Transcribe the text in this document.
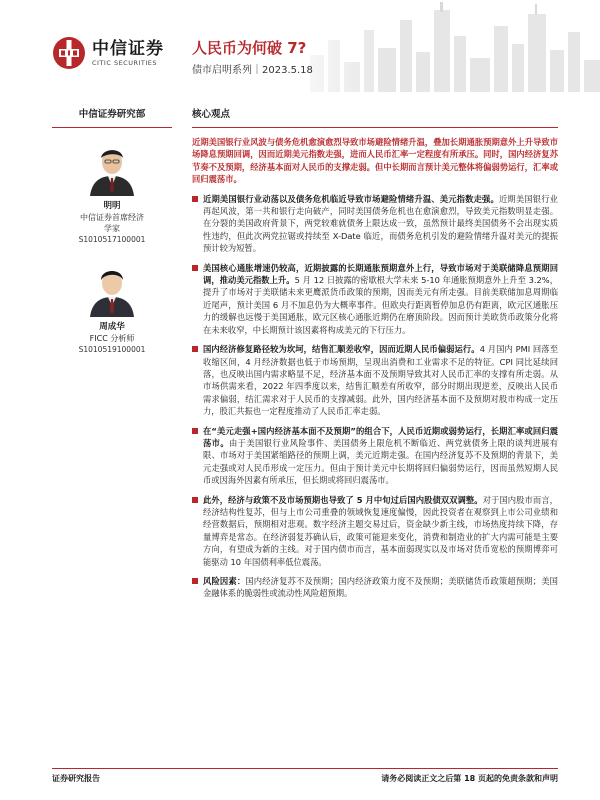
中信证券
CITIC SECURITIES
人民币为何破 7?
债市启明系列｜2023.5.18
中信证券研究部
明明
中信证券首席经济
学家
S1010517100001
周成华
FICC 分析师
S1010519100001
核心观点
近期美国银行业风波与债务危机愈演愈烈导致市场避险情绪升温，叠加长期通胀预期意外上升导致市场降息预期回调，因而近期美元指数走强，进而人民币汇率一定程度有所承压。同时，国内经济复苏节奏不及预期，经济基本面对人民币的支撑走弱。但中长期而言预计美元整体将偏弱势运行，汇率或回归震荡市。
近期美国银行业动荡以及债务危机临近导致市场避险情绪升温、美元指数走强。近期美国银行业再起风波，第一共和银行走向破产，同时美国债务危机也在愈演愈烈，导致美元指数明显走强。在分裂的美国政府背景下，两党较难就债务上限达成一致，虽然预计最终美国债务不会出现实质性违约，但此次两党拉锯或持续至 X-Date 临近，而债务危机引发的避险情绪升温对美元的提振预计较为短暂。
美国核心通胀增速仍较高，近期披露的长期通胀预期意外上行，导致市场对于美联储降息预期回调，推动美元指数上升。5 月 12 日披露的密歇根大学未来 5-10 年通胀预期意外上升至 3.2%，提升了市场对于美联储未来更鹰派货币政策的预期，因而美元有所走强。目前美联储加息周期临近尾声，预计美国 6 月不加息仍为大概率事件。但欧央行距离暂停加息仍有距离，欧元区通胀压力的缓解也远慢于美国通胀，欧元区核心通胀近期仍在磨顶阶段。因而预计美欧货币政策分化将在未来收窄，中长期预计该因素将构成美元的下行压力。
国内经济修复路径较为坎坷，结售汇顺差收窄，因而近期人民币偏弱运行。4 月国内 PMI 回落至收缩区间，4 月经济数据也低于市场预期，呈现出消费和工业需求不足的特征。CPI 同比延续回落，也反映出国内需求略显不足，经济基本面不及预期导致其对人民币汇率的支撑有所走弱。从市场供需来看，2022 年四季度以来，结售汇顺差有所收窄，部分时期出现逆差，反映出人民币需求偏弱，结汇需求对于人民币的支撑减弱。此外，国内经济基本面不及预期对股市构成一定压力，股汇共振也一定程度推动了人民币汇率走弱。
在“美元走强+国内经济基本面不及预期”的组合下，人民币近期或弱势运行，长期汇率或回归震荡市。由于美国银行业风险事件、美国债务上限危机不断临近、两党就债务上限的谈判进展有限、市场对于美国紧缩路径的预期上调，美元近期走强。在国内经济复苏不及预期的背景下，美元走强或对人民币形成一定压力。但由于预计美元中长期将回归偏弱势运行，因而虽然短期人民币或因海外因素有所承压，但长期或将回归震荡市。
此外，经济与政策不及市场预期也导致了 5 月中旬过后国内股债双双调整。对于国内股市而言，经济结构性复苏，但与上市公司重叠的领域恢复速度偏慢，因此投资者在观察到上市公司业绩和经营数据后，预期相对悲观。数字经济主题交易过后，资金缺少新主线，市场热度持续下降，存量博弈是常态。在经济弱复苏确认后，政策可能迎来变化，消费和制造业的扩大内需可能是主要方向，有望成为新的主线。对于国内债市而言，基本面弱现实以及市场对货币宽松的预期博弈可能驱动 10 年国债利率低位震荡。
风险因素：国内经济复苏不及预期；国内经济政策力度不及预期；美联储货币政策超预期；美国金融体系的脆弱性或流动性风险超预期。
证券研究报告	请务必阅读正文之后第 18 页起的免责条款和声明
